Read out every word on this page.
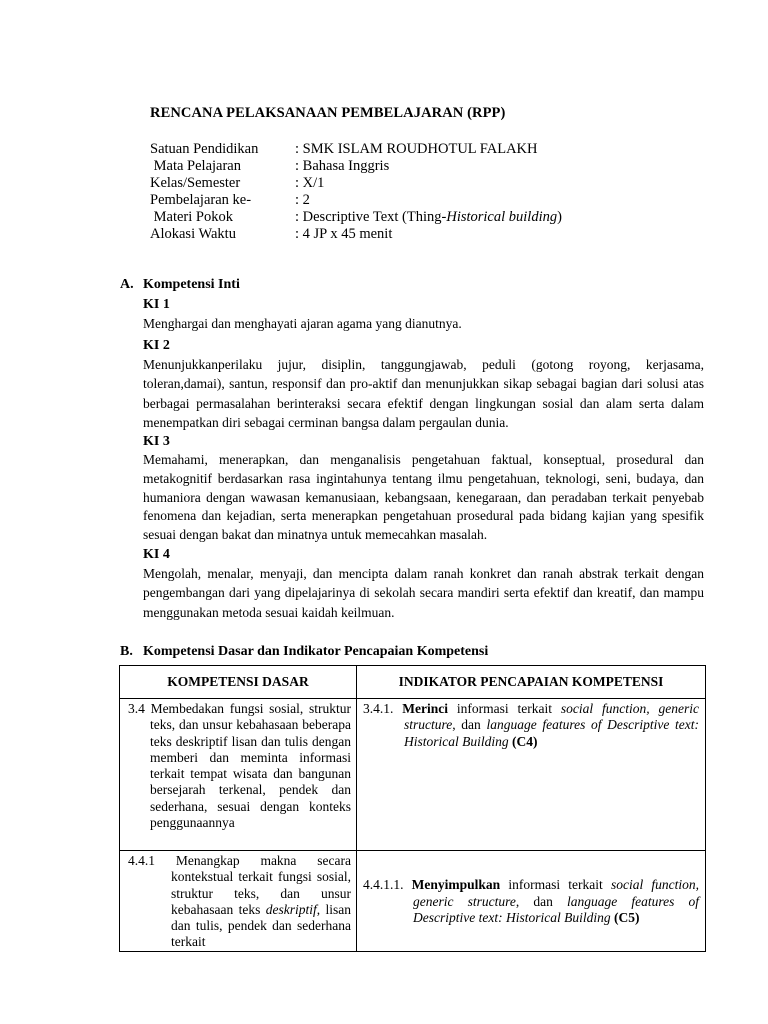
RENCANA PELAKSANAAN PEMBELAJARAN (RPP)
Satuan Pendidikan	: SMK ISLAM ROUDHOTUL FALAKH
Mata Pelajaran	: Bahasa Inggris
Kelas/Semester	: X/1
Pembelajaran ke-	: 2
Materi Pokok	: Descriptive Text (Thing-Historical building)
Alokasi Waktu	: 4 JP x 45 menit
A. Kompetensi Inti
KI 1
Menghargai dan menghayati ajaran agama yang dianutnya.
KI 2
Menunjukkanperilaku jujur, disiplin, tanggungjawab, peduli (gotong royong, kerjasama, toleran,damai), santun, responsif dan pro-aktif dan menunjukkan sikap sebagai bagian dari solusi atas berbagai permasalahan berinteraksi secara efektif dengan lingkungan sosial dan alam serta dalam menempatkan diri sebagai cerminan bangsa dalam pergaulan dunia.
KI 3
Memahami, menerapkan, dan menganalisis pengetahuan faktual, konseptual, prosedural dan metakognitif berdasarkan rasa ingintahunya tentang ilmu pengetahuan, teknologi, seni, budaya, dan humaniora dengan wawasan kemanusiaan, kebangsaan, kenegaraan, dan peradaban terkait penyebab fenomena dan kejadian, serta menerapkan pengetahuan prosedural pada bidang kajian yang spesifik sesuai dengan bakat dan minatnya untuk memecahkan masalah.
KI 4
Mengolah, menalar, menyaji, dan mencipta dalam ranah konkret dan ranah abstrak terkait dengan pengembangan dari yang dipelajarinya di sekolah secara mandiri serta efektif dan kreatif, dan mampu menggunakan metoda sesuai kaidah keilmuan.
B. Kompetensi Dasar dan Indikator Pencapaian Kompetensi
KOMPETENSI DASAR	INDIKATOR PENCAPAIAN KOMPETENSI

3.4 Membedakan fungsi sosial, struktur teks, dan unsur kebahasaan beberapa teks deskriptif lisan dan tulis dengan memberi dan meminta informasi terkait tempat wisata dan bangunan bersejarah terkenal, pendek dan sederhana, sesuai dengan konteks penggunaannya	3.4.1. Merinci informasi terkait social function, generic structure, dan language features of Descriptive text: Historical Building (C4)

4.4.1 Menangkap makna secara kontekstual terkait fungsi sosial, struktur teks, dan unsur kebahasaan teks deskriptif, lisan dan tulis, pendek dan sederhana terkait	4.4.1.1. Menyimpulkan informasi terkait social function, generic structure, dan language features of Descriptive text: Historical Building (C5)
